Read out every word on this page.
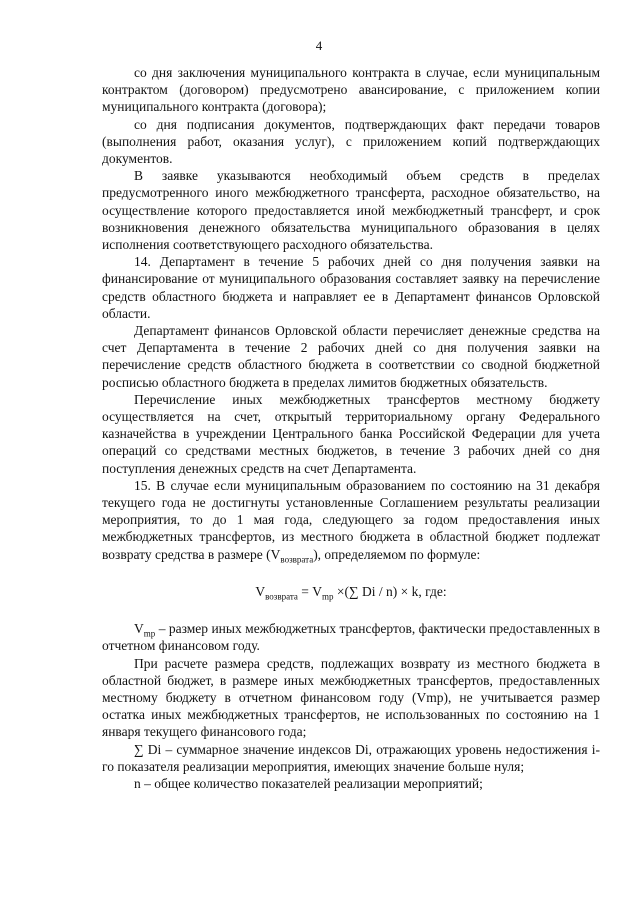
4

со дня заключения муниципального контракта в случае, если муниципальным контрактом (договором) предусмотрено авансирование, с приложением копии муниципального контракта (договора);

со дня подписания документов, подтверждающих факт передачи товаров (выполнения работ, оказания услуг), с приложением копий подтверждающих документов.

В заявке указываются необходимый объем средств в пределах предусмотренного иного межбюджетного трансферта, расходное обязательство, на осуществление которого предоставляется иной межбюджетный трансферт, и срок возникновения денежного обязательства муниципального образования в целях исполнения соответствующего расходного обязательства.

14. Департамент в течение 5 рабочих дней со дня получения заявки на финансирование от муниципального образования составляет заявку на перечисление средств областного бюджета и направляет ее в Департамент финансов Орловской области.

Департамент финансов Орловской области перечисляет денежные средства на счет Департамента в течение 2 рабочих дней со дня получения заявки на перечисление средств областного бюджета в соответствии со сводной бюджетной росписью областного бюджета в пределах лимитов бюджетных обязательств.

Перечисление иных межбюджетных трансфертов местному бюджету осуществляется на счет, открытый территориальному органу Федерального казначейства в учреждении Центрального банка Российской Федерации для учета операций со средствами местных бюджетов, в течение 3 рабочих дней со дня поступления денежных средств на счет Департамента.

15. В случае если муниципальным образованием по состоянию на 31 декабря текущего года не достигнуты установленные Соглашением результаты реализации мероприятия, то до 1 мая года, следующего за годом предоставления иных межбюджетных трансфертов, из местного бюджета в областной бюджет подлежат возврату средства в размере $(V_{возврата})$, определяемом по формуле:

$V_{возврата} = V_{mp}$ ×(∑ Di / n) × k, где:

$V_{mp}$ – размер иных межбюджетных трансфертов, фактически предоставленных в отчетном финансовом году.

При расчете размера средств, подлежащих возврату из местного бюджета в областной бюджет, в размере иных межбюджетных трансфертов, предоставленных местному бюджету в отчетном финансовом году (Vmp), не учитывается размер остатка иных межбюджетных трансфертов, не использованных по состоянию на 1 января текущего финансового года;

∑ Di – суммарное значение индексов Di, отражающих уровень недостижения i-го показателя реализации мероприятия, имеющих значение больше нуля;

n – общее количество показателей реализации мероприятий;
